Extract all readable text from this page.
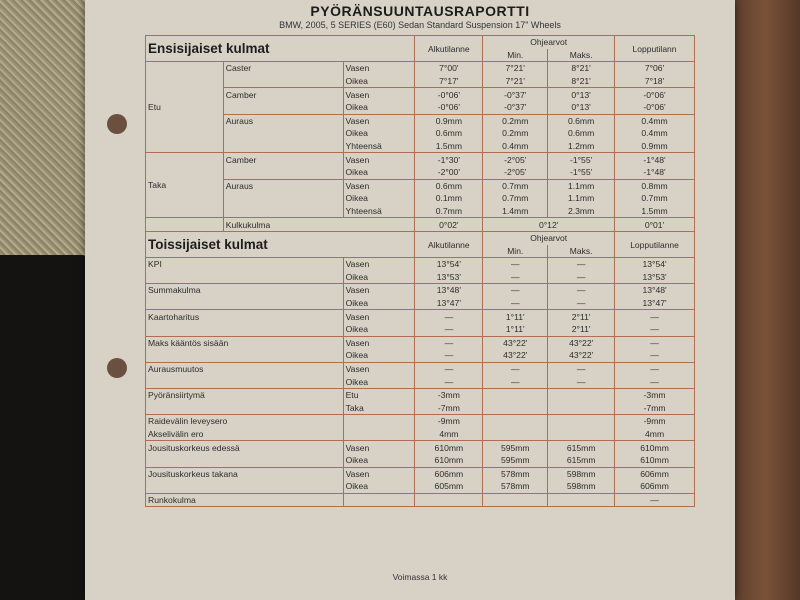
PYÖRÄNSUUNTAUSRAPORTTI
BMW, 2005, 5 SERIES (E60) Sedan Standard Suspension 17" Wheels
Ensisijaiset kulmat			Alkutilanne	Ohjearvot		Lopputilann
				Min.	Maks.	
Etu	Caster	Vasen	7°00'	7°21'	8°21'	7°06'
		Oikea	7°17'	7°21'	8°21'	7°18'
	Camber	Vasen	-0°06'	-0°37'	0°13'	-0°06'
		Oikea	-0°06'	-0°37'	0°13'	-0°06'
	Auraus	Vasen	0.9mm	0.2mm	0.6mm	0.4mm
		Oikea	0.6mm	0.2mm	0.6mm	0.4mm
		Yhteensä	1.5mm	0.4mm	1.2mm	0.9mm
Taka	Camber	Vasen	-1°30'	-2°05'	-1°55'	-1°48'
		Oikea	-2°00'	-2°05'	-1°55'	-1°48'
	Auraus	Vasen	0.6mm	0.7mm	1.1mm	0.8mm
		Oikea	0.1mm	0.7mm	1.1mm	0.7mm
		Yhteensä	0.7mm	1.4mm	2.3mm	1.5mm
	Kulkukulma		0°02'	0°12'		0°01'
Toissijaiset kulmat			Alkutilanne	Ohjearvot		Lopputilanne
				Min.	Maks.	
KPI	Vasen	13°54'	—	—	13°54'
	Oikea	13°53'	—	—	13°53'
Summakulma	Vasen	13°48'	—	—	13°48'
	Oikea	13°47'	—	—	13°47'
Kaartoharitus	Vasen	—	1°11'	2°11'	—
	Oikea	—	1°11'	2°11'	—
Maks kääntös sisään	Vasen	—	43°22'	43°22'	—
	Oikea	—	43°22'	43°22'	—
Aurausmuutos	Vasen	—	—	—	—
	Oikea	—	—	—	—
Pyöränsiirtymä	Etu	-3mm			-3mm
	Taka	-7mm			-7mm
Raidevälin leveysero		-9mm			-9mm
Akselivälin ero		4mm			4mm
Jousituskorkeus edessä	Vasen	610mm	595mm	615mm	610mm
	Oikea	610mm	595mm	615mm	610mm
Jousituskorkeus takana	Vasen	606mm	578mm	598mm	606mm
	Oikea	605mm	578mm	598mm	606mm
Runkokulma					—
Voimassa 1 kk
